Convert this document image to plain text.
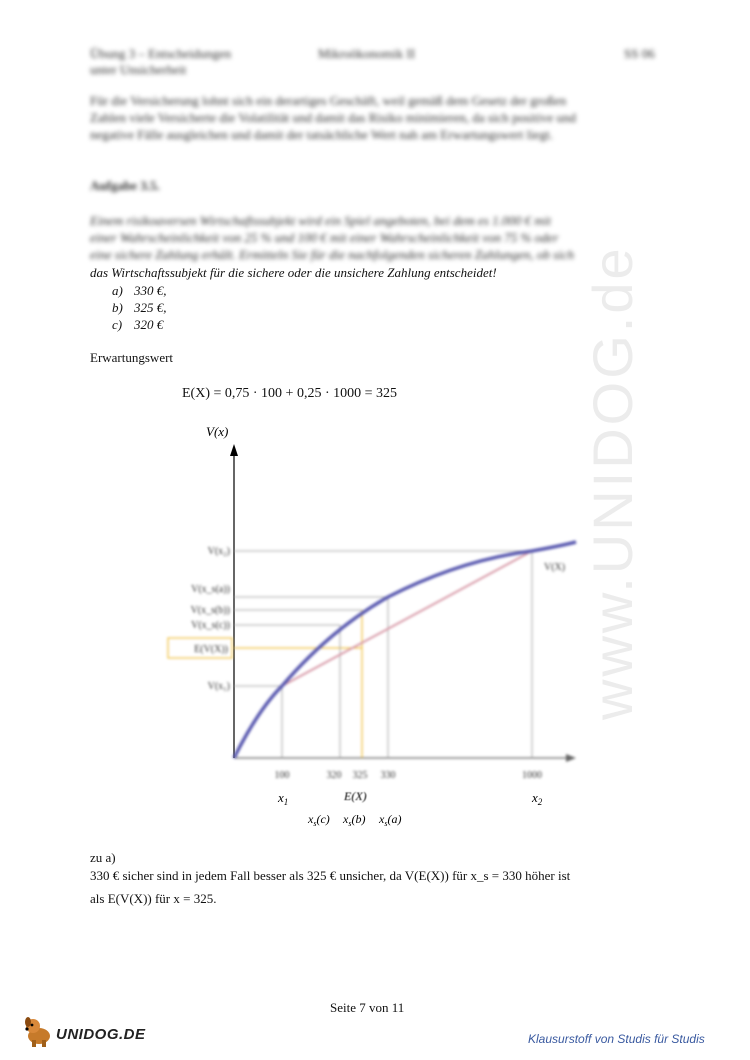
www.UNIDOG.de
Übung 3 – Entscheidungen
unter Unsicherheit
Mikroökonomik II	SS 06
Für die Versicherung lohnt sich ein derartiges Geschäft, weil gemäß dem Gesetz der großen
Zahlen viele Versicherte die Volatilität und damit das Risiko minimieren, da sich positive und
negative Fälle ausgleichen und damit der tatsächliche Wert nah am Erwartungswert liegt.
Aufgabe 3.5.
Einem risikoaversen Wirtschaftssubjekt wird ein Spiel angeboten, bei dem es 1.000 € mit
einer Wahrscheinlichkeit von 25 % und 100 € mit einer Wahrscheinlichkeit von 75 % oder
eine sichere Zahlung erhält. Ermitteln Sie für die nachfolgenden sicheren Zahlungen, ob sich
das Wirtschaftssubjekt für die sichere oder die unsichere Zahlung entscheidet!
a) 330 €,
b) 325 €,
c) 320 €
Erwartungswert
E(X) = 0,75 · 100 + 0,25 · 1000 = 325
V(x)
V(x₂)
V(x_s(a))
V(x_s(b))
V(x_s(c))
E(V(X))
V(x₁)
V(X)
100	320 325 330	1000
$x_1$	E(X)	$x_2$
$x_s(c)$ $x_s(b)$ $x_s(a)$
zu a)
330 € sicher sind in jedem Fall besser als 325 € unsicher, da V(E(X)) für x_s = 330 höher ist
als E(V(X)) für x = 325.
Seite 7 von 11
UNIDOG.DE	Klausurstoff von Studis für Studis
